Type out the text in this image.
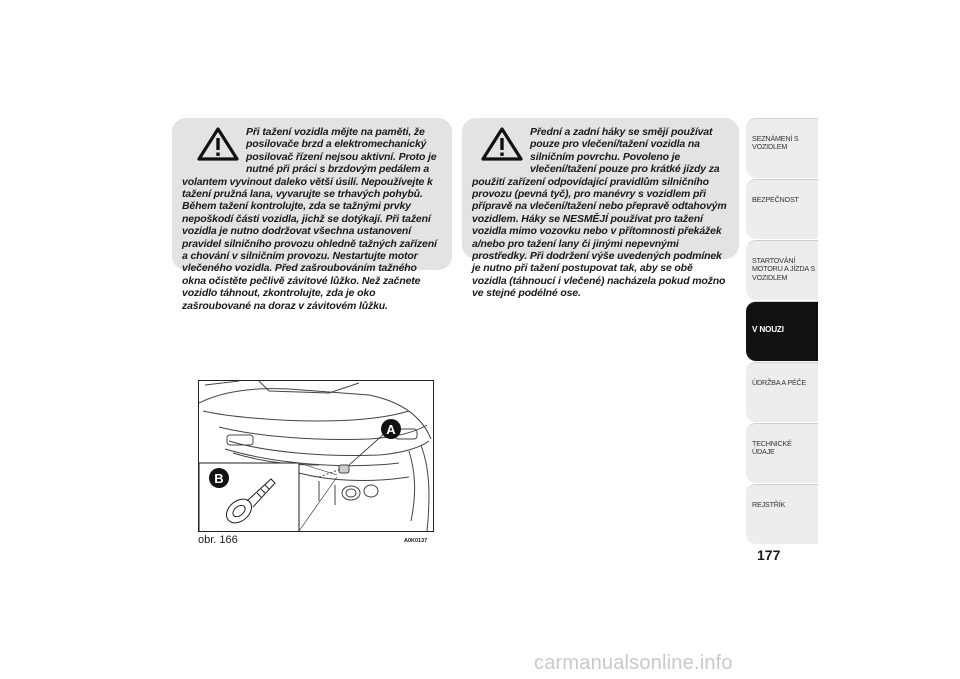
Při tažení vozidla mějte na paměti, že posilovače brzd a elektromechanický posilovač řízení nejsou aktivní. Proto je nutné při práci s brzdovým pedálem a volantem vyvinout daleko větší úsilí. Nepoužívejte k tažení pružná lana, vyvarujte se trhavých pohybů. Během tažení kontrolujte, zda se tažnými prvky nepoškodí části vozidla, jichž se dotýkají. Při tažení vozidla je nutno dodržovat všechna ustanovení pravidel silničního provozu ohledně tažných zařízení a chování v silničním provozu. Nestartujte motor vlečeného vozidla. Před zašroubováním tažného okna očistěte pečlivě závitové lůžko. Než začnete vozidlo táhnout, zkontrolujte, zda je oko zašroubované na doraz v závitovém lůžku.
Přední a zadní háky se smějí používat pouze pro vlečení/tažení vozidla na silničním povrchu. Povoleno je vlečení/tažení pouze pro krátké jízdy za použití zařízení odpovídající pravidlům silničního provozu (pevná tyč), pro manévry s vozidlem při přípravě na vlečení/tažení nebo přepravě odtahovým vozidlem. Háky se NESMĚJÍ používat pro tažení vozidla mimo vozovku nebo v přítomnosti překážek a/nebo pro tažení lany či jinými nepevnými prostředky. Při dodržení výše uvedených podmínek je nutno při tažení postupovat tak, aby se obě vozidla (táhnoucí i vlečené) nacházela pokud možno ve stejné podélné ose.
A
B
obr. 166	A0K0137
SEZNÁMENÍ S VOZIDLEM
BEZPEČNOST
STARTOVÁNÍ MOTORU A JÍZDA S VOZIDLEM
V NOUZI
ÚDRŽBA A PÉČE
TECHNICKÉ ÚDAJE
REJSTŘÍK
177
carmanualsonline.info
